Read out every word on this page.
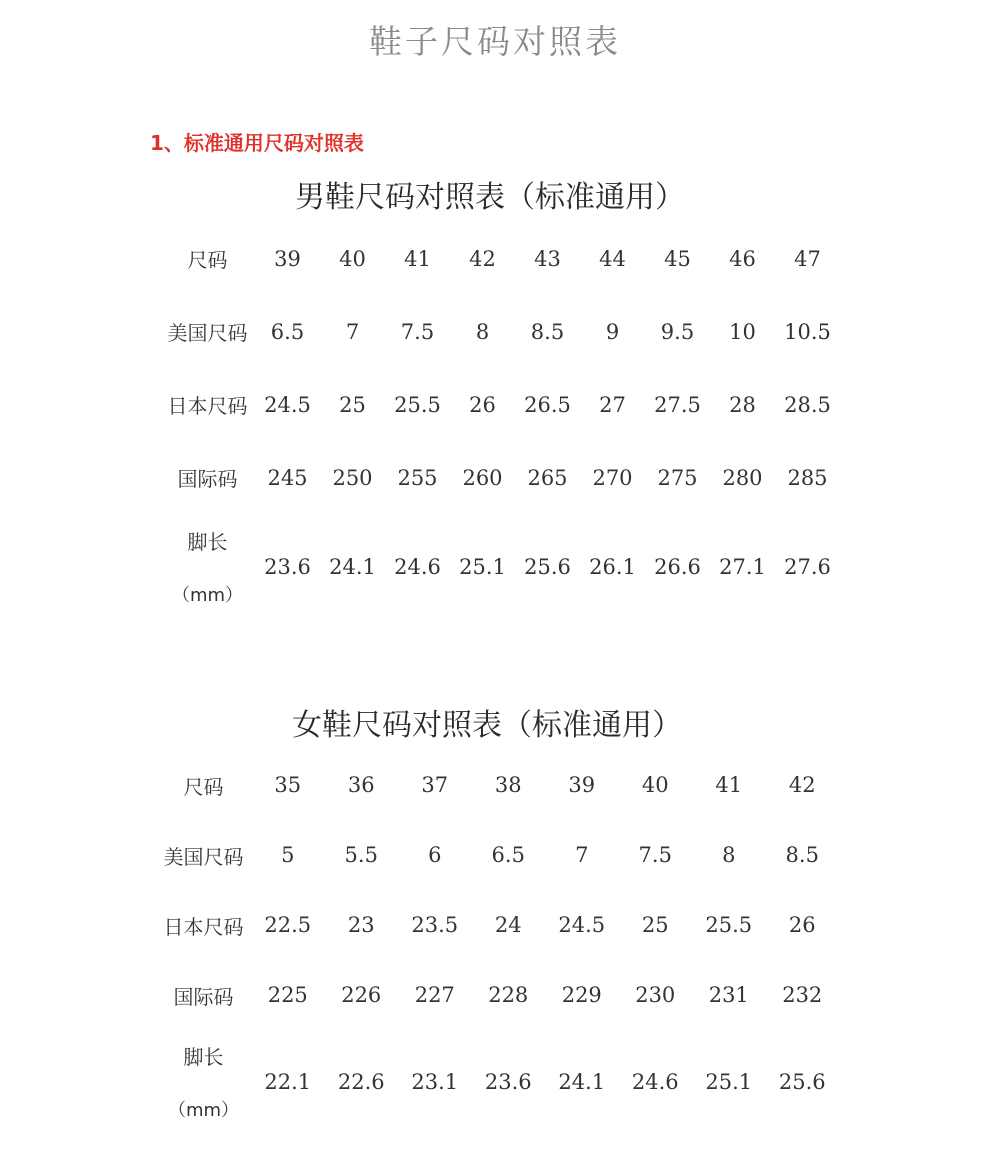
鞋子尺码对照表
1、标准通用尺码对照表
男鞋尺码对照表（标准通用）
尺码	39	40	41	42	43	44	45	46	47
美国尺码	6.5	7	7.5	8	8.5	9	9.5	10	10.5
日本尺码	24.5	25	25.5	26	26.5	27	27.5	28	28.5
国际码	245	250	255	260	265	270	275	280	285
脚长
（mm）	23.6	24.1	24.6	25.1	25.6	26.1	26.6	27.1	27.6
女鞋尺码对照表（标准通用）
尺码	35	36	37	38	39	40	41	42
美国尺码	5	5.5	6	6.5	7	7.5	8	8.5
日本尺码	22.5	23	23.5	24	24.5	25	25.5	26
国际码	225	226	227	228	229	230	231	232
脚长
（mm）	22.1	22.6	23.1	23.6	24.1	24.6	25.1	25.6
